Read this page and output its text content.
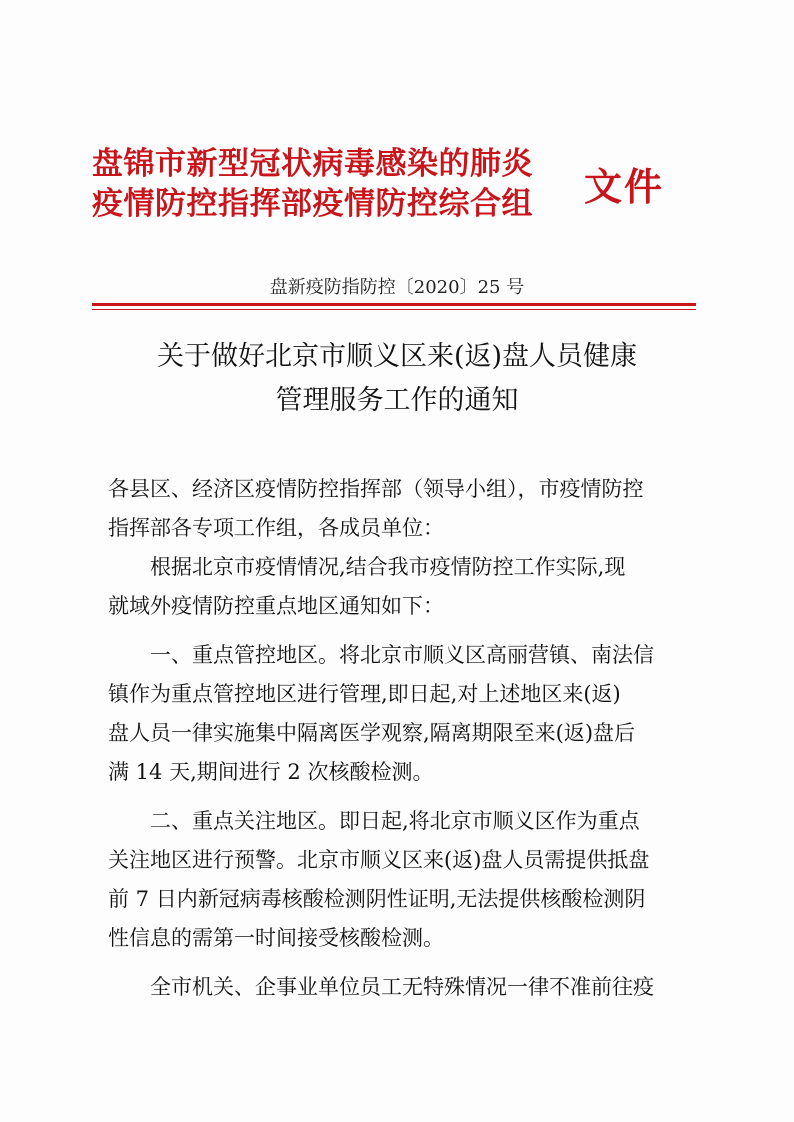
盘锦市新型冠状病毒感染的肺炎
疫情防控指挥部疫情防控综合组	文件
盘新疫防指防控〔2020〕25 号
关于做好北京市顺义区来(返)盘人员健康
管理服务工作的通知
各县区、经济区疫情防控指挥部（领导小组），市疫情防控
指挥部各专项工作组，各成员单位：
根据北京市疫情情况,结合我市疫情防控工作实际,现
就域外疫情防控重点地区通知如下：
一、重点管控地区。将北京市顺义区高丽营镇、南法信
镇作为重点管控地区进行管理,即日起,对上述地区来(返)
盘人员一律实施集中隔离医学观察,隔离期限至来(返)盘后
满 14 天,期间进行 2 次核酸检测。
二、重点关注地区。即日起,将北京市顺义区作为重点
关注地区进行预警。北京市顺义区来(返)盘人员需提供抵盘
前 7 日内新冠病毒核酸检测阴性证明,无法提供核酸检测阴
性信息的需第一时间接受核酸检测。
全市机关、企事业单位员工无特殊情况一律不准前往疫
